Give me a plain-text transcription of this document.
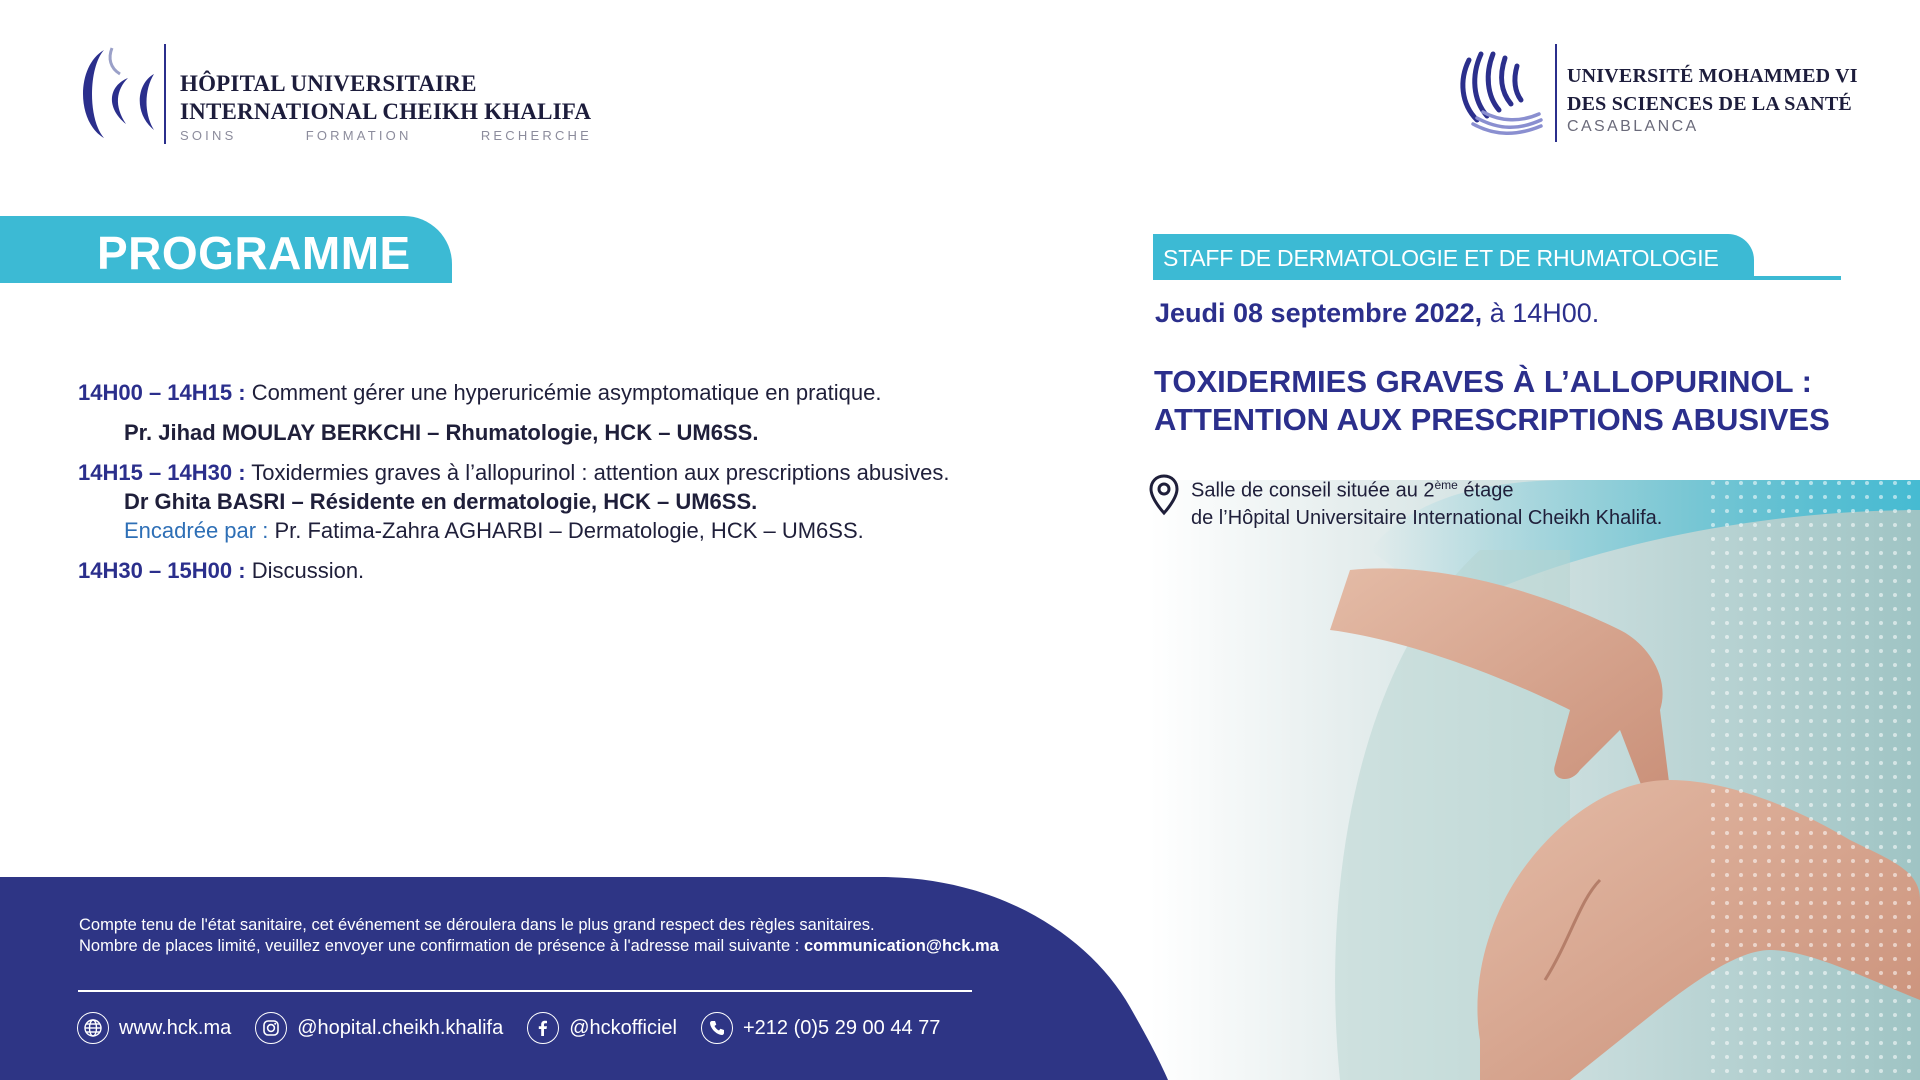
HÔPITAL UNIVERSITAIRE
INTERNATIONAL CHEIKH KHALIFA
SOINS	FORMATION	RECHERCHE
UNIVERSITÉ MOHAMMED VI
DES SCIENCES DE LA SANTÉ
CASABLANCA
PROGRAMME
14H00 – 14H15 : Comment gérer une hyperuricémie asymptomatique en pratique.
Pr. Jihad MOULAY BERKCHI – Rhumatologie, HCK – UM6SS.
14H15 – 14H30 : Toxidermies graves à l’allopurinol : attention aux prescriptions abusives.
Dr Ghita BASRI – Résidente en dermatologie, HCK – UM6SS.
Encadrée par : Pr. Fatima-Zahra AGHARBI – Dermatologie, HCK – UM6SS.
14H30 – 15H00 : Discussion.
STAFF DE DERMATOLOGIE ET DE RHUMATOLOGIE
Jeudi 08 septembre 2022, à 14H00.
TOXIDERMIES GRAVES À L’ALLOPURINOL :
ATTENTION AUX PRESCRIPTIONS ABUSIVES
Salle de conseil située au 2ème étage
de l’Hôpital Universitaire International Cheikh Khalifa.
Compte tenu de l'état sanitaire, cet événement se déroulera dans le plus grand respect des règles sanitaires.
Nombre de places limité, veuillez envoyer une confirmation de présence à l'adresse mail suivante : communication@hck.ma
www.hck.ma	@hopital.cheikh.khalifa	@hckofficiel	+212 (0)5 29 00 44 77
